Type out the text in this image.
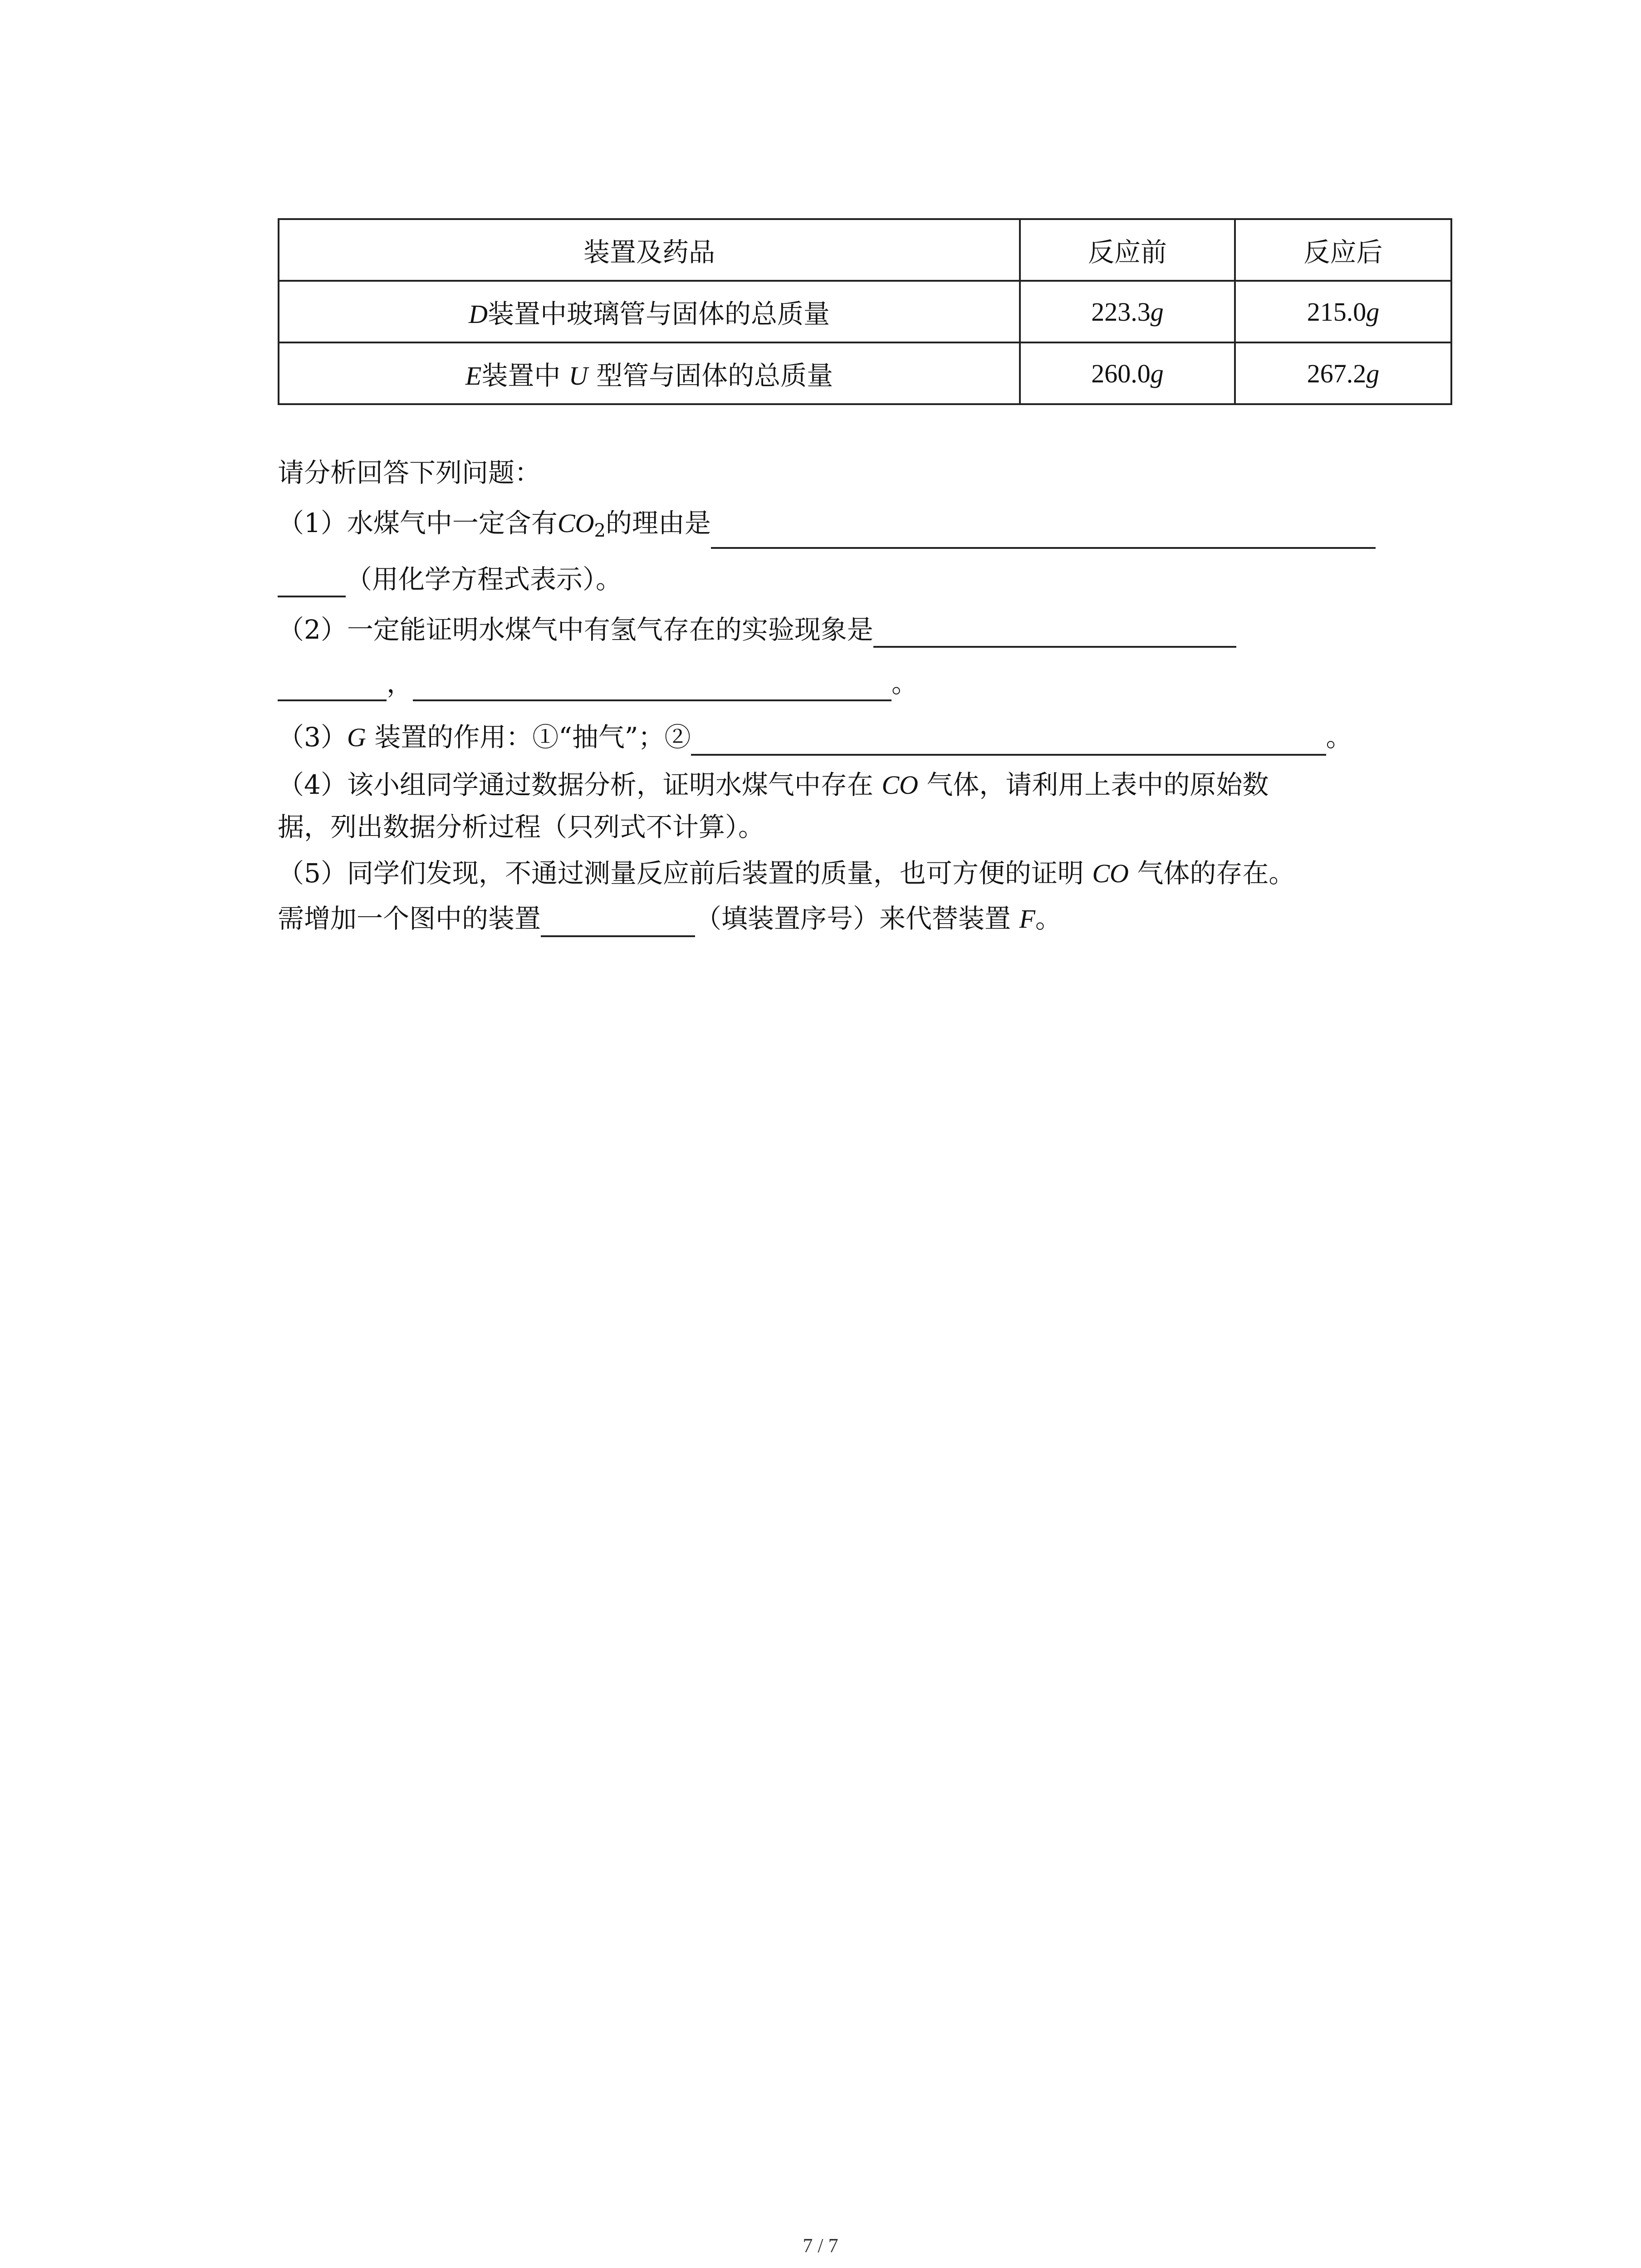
装置及药品	反应前	反应后
D装置中玻璃管与固体的总质量	223.3g	215.0g
E装置中 U 型管与固体的总质量	260.0g	267.2g
请分析回答下列问题：
（1）水煤气中一定含有$CO_2$的理由是
（用化学方程式表示）。
（2）一定能证明水煤气中有氢气存在的实验现象是
，	。
（3）G 装置的作用：①“抽气”；②	。
（4）该小组同学通过数据分析，证明水煤气中存在 CO 气体，请利用上表中的原始数
据，列出数据分析过程（只列式不计算）。
（5）同学们发现，不通过测量反应前后装置的质量，也可方便的证明 CO 气体的存在。
需增加一个图中的装置	（填装置序号）来代替装置 F。
7 / 7
